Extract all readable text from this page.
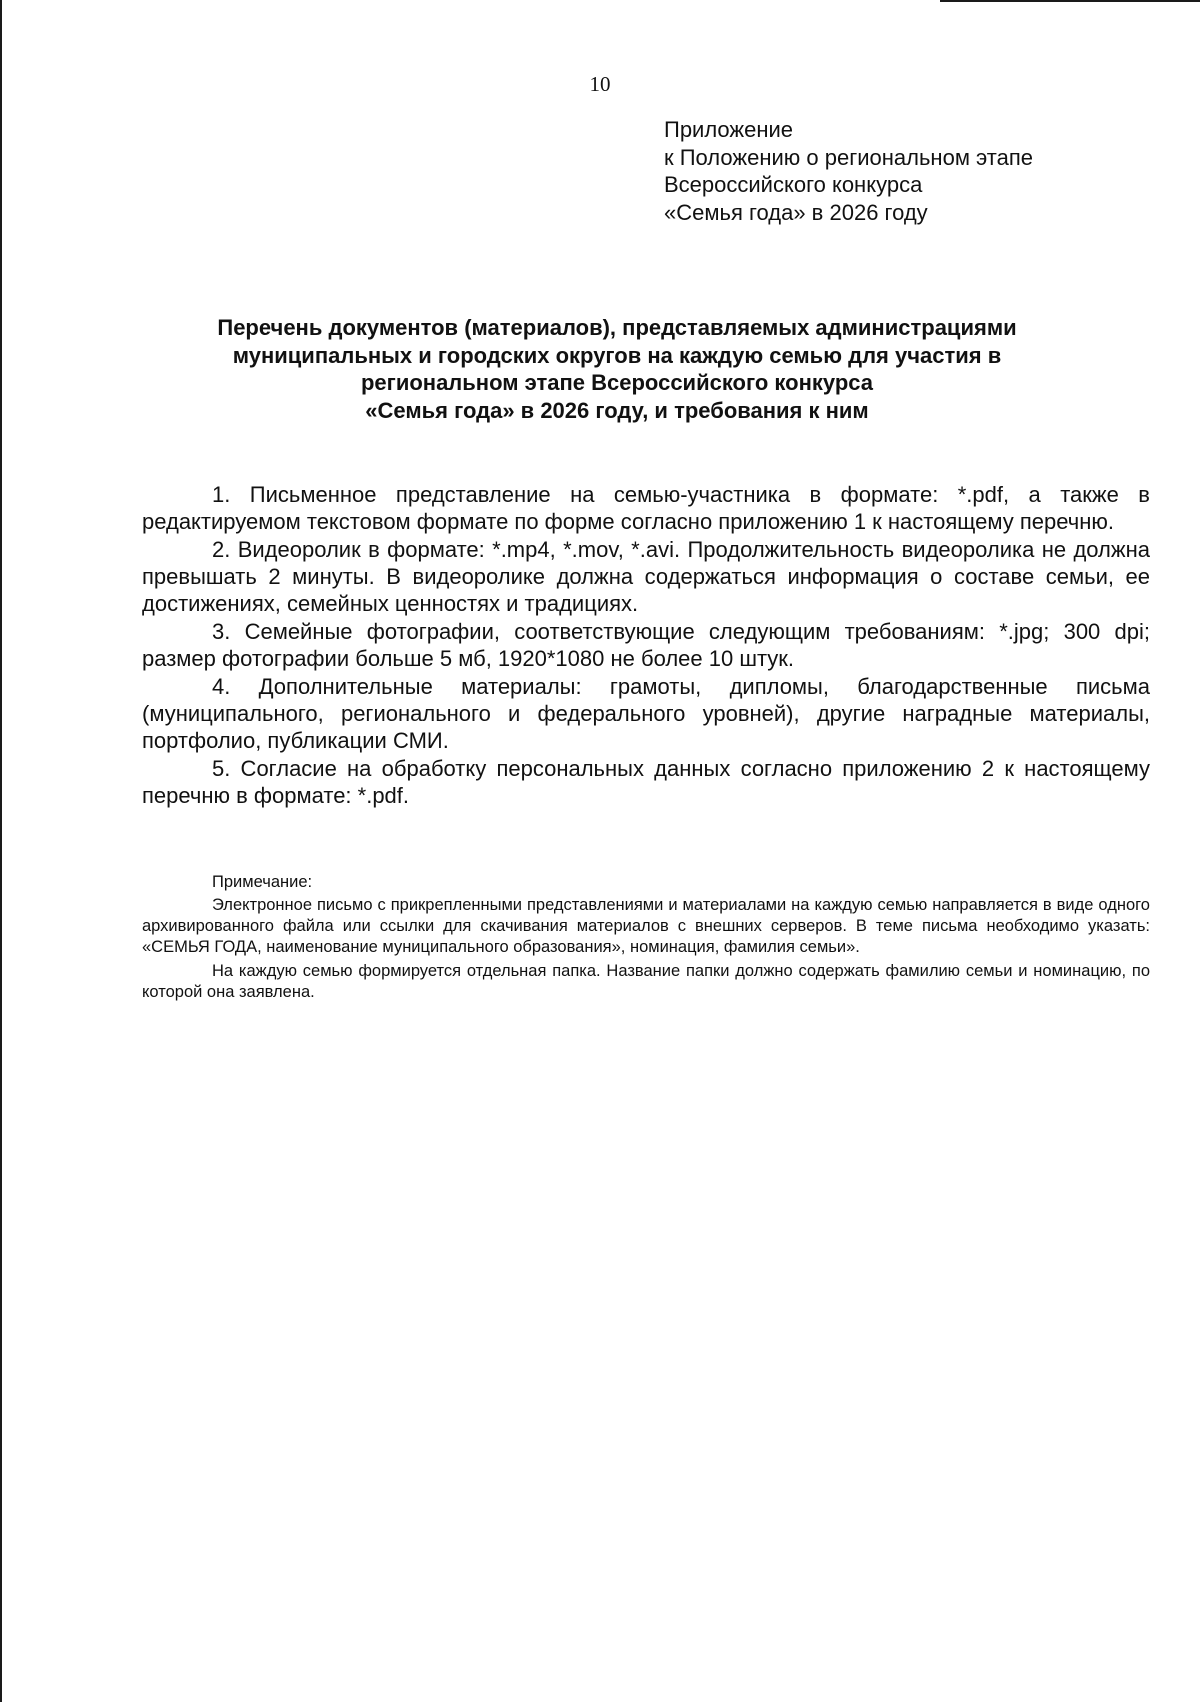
10
Приложение
к Положению о региональном этапе
Всероссийского конкурса
«Семья года» в 2026 году
Перечень документов (материалов), представляемых администрациями
муниципальных и городских округов на каждую семью для участия в
региональном этапе Всероссийского конкурса
«Семья года» в 2026 году, и требования к ним

1. Письменное представление на семью-участника в формате: *.pdf, а также в редактируемом текстовом формате по форме согласно приложению 1 к настоящему перечню.

2. Видеоролик в формате: *.mp4, *.mov, *.avi. Продолжительность видеоролика не должна превышать 2 минуты. В видеоролике должна содержаться информация о составе семьи, ее достижениях, семейных ценностях и традициях.

3. Семейные фотографии, соответствующие следующим требованиям: *.jpg; 300 dpi; размер фотографии больше 5 мб, 1920*1080 не более 10 штук.

4. Дополнительные материалы: грамоты, дипломы, благодарственные письма (муниципального, регионального и федерального уровней), другие наградные материалы, портфолио, публикации СМИ.

5. Согласие на обработку персональных данных согласно приложению 2 к настоящему перечню в формате: *.pdf.

Примечание:

Электронное письмо с прикрепленными представлениями и материалами на каждую семью направляется в виде одного архивированного файла или ссылки для скачивания материалов с внешних серверов. В теме письма необходимо указать: «СЕМЬЯ ГОДА, наименование муниципального образования», номинация, фамилия семьи».

На каждую семью формируется отдельная папка. Название папки должно содержать фамилию семьи и номинацию, по которой она заявлена.
